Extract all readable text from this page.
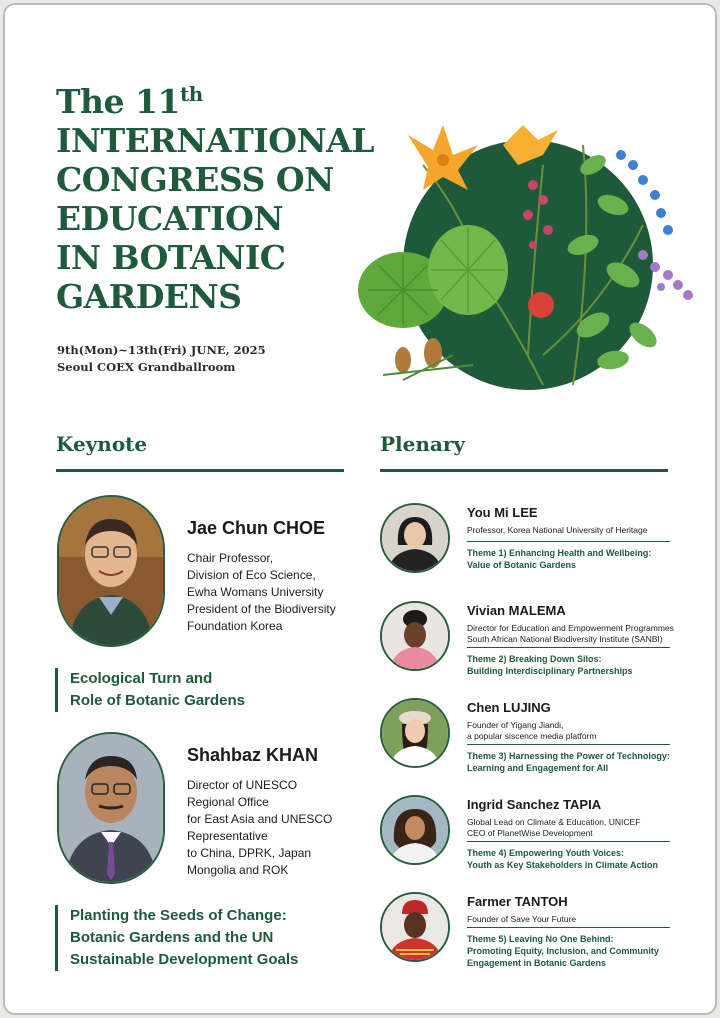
The 11th
INTERNATIONAL
CONGRESS ON
EDUCATION
IN BOTANIC
GARDENS
9th(Mon)~13th(Fri) JUNE, 2025
Seoul COEX Grandballroom
Keynote	Plenary
Jae Chun CHOE
Chair Professor,
Division of Eco Science,
Ewha Womans University
President of the Biodiversity
Foundation Korea
Ecological Turn and
Role of Botanic Gardens
Shahbaz KHAN
Director of UNESCO
Regional Office
for East Asia and UNESCO
Representative
to China, DPRK, Japan
Mongolia and ROK
Planting the Seeds of Change:
Botanic Gardens and the UN
Sustainable Development Goals
You Mi LEE
Professor, Korea National University of Heritage
Theme 1) Enhancing Health and Wellbeing:
Value of Botanic Gardens
Vivian MALEMA
Director for Education and Empowerment Programmes
South African National Biodiversity Institute (SANBI)
Theme 2) Breaking Down Silos:
Building Interdisciplinary Partnerships
Chen LUJING
Founder of Yigang Jiandi,
a popular siscence media platform
Theme 3) Harnessing the Power of Technology:
Learning and Engagement for All
Ingrid Sanchez TAPIA
Global Lead on Climate & Education, UNICEF
CEO of PlanetWise Development
Theme 4) Empowering Youth Voices:
Youth as Key Stakeholders in Climate Action
Farmer TANTOH
Founder of Save Your Future
Theme 5) Leaving No One Behind:
Promoting Equity, Inclusion, and Community
Engagement in Botanic Gardens
